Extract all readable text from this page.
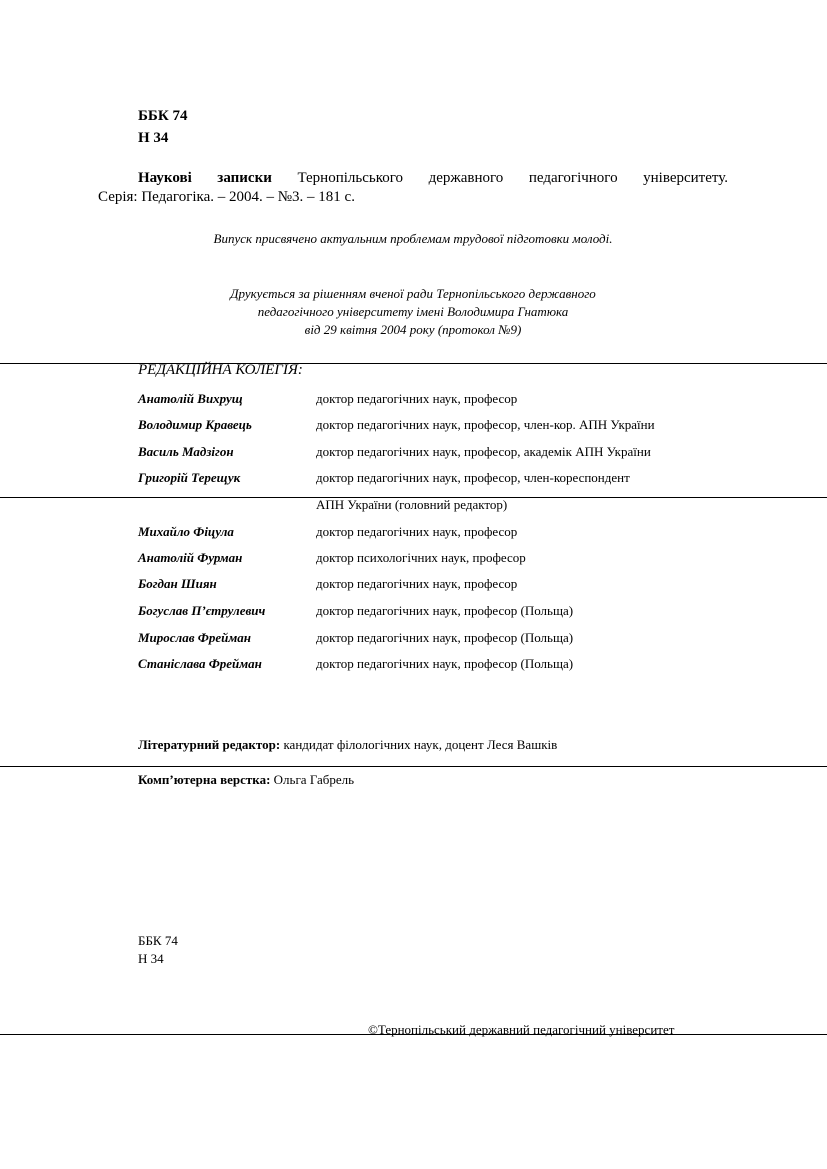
ББК 74
Н 34
Наукові записки Тернопільського державного педагогічного університету.
Серія: Педагогіка. – 2004. – №3. – 181 с.
Випуск присвячено актуальним проблемам трудової підготовки молоді.
Друкується за рішенням вченої ради Тернопільського державного
педагогічного університету імені Володимира Гнатюка
від 29 квітня 2004 року (протокол №9)
РЕДАКЦІЙНА КОЛЕГІЯ:
Анатолій Вихрущ	доктор педагогічних наук, професор
Володимир Кравець	доктор педагогічних наук, професор, член-кор. АПН України
Василь Мадзігон	доктор педагогічних наук, професор, академік АПН України
Григорій Терещук	доктор педагогічних наук, професор, член-кореспондент
АПН України (головний редактор)
Михайло Фіцула	доктор педагогічних наук, професор
Анатолій Фурман	доктор психологічних наук, професор
Богдан Шиян	доктор педагогічних наук, професор
Богуслав П’єтрулевич	доктор педагогічних наук, професор (Польща)
Мирослав Фрейман	доктор педагогічних наук, професор (Польща)
Станіслава Фрейман	доктор педагогічних наук, професор (Польща)
Літературний редактор: кандидат філологічних наук, доцент Леся Вашків
Комп’ютерна верстка: Ольга Габрель
ББК 74
Н 34
©Тернопільський державний педагогічний університет
